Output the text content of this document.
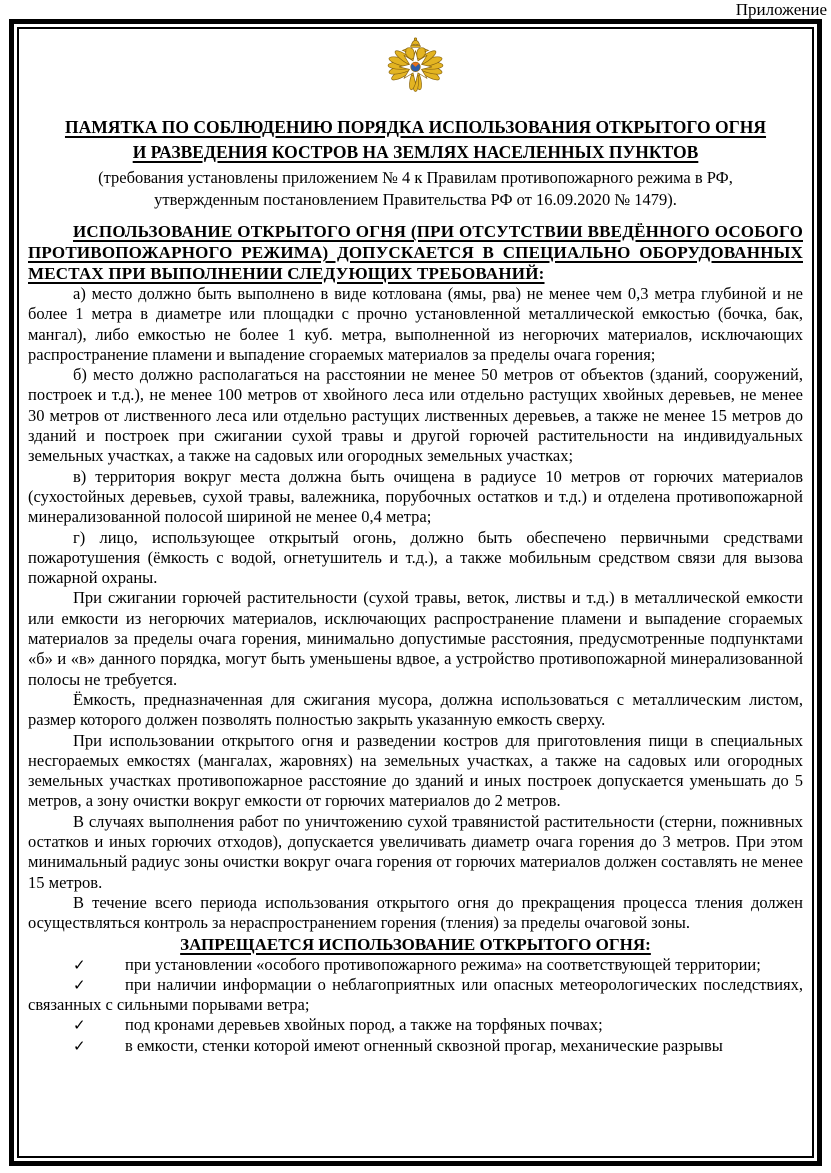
Приложение
ПАМЯТКА ПО СОБЛЮДЕНИЮ ПОРЯДКА ИСПОЛЬЗОВАНИЯ ОТКРЫТОГО ОГНЯ
И РАЗВЕДЕНИЯ КОСТРОВ НА ЗЕМЛЯХ НАСЕЛЕННЫХ ПУНКТОВ
(требования установлены приложением № 4 к Правилам противопожарного режима в РФ,
утвержденным постановлением Правительства РФ от 16.09.2020 № 1479).

ИСПОЛЬЗОВАНИЕ ОТКРЫТОГО ОГНЯ (ПРИ ОТСУТСТВИИ ВВЕДЁННОГО ОСОБОГО ПРОТИВОПОЖАРНОГО РЕЖИМА) ДОПУСКАЕТСЯ В СПЕЦИАЛЬНО ОБОРУДОВАННЫХ МЕСТАХ ПРИ ВЫПОЛНЕНИИ СЛЕДУЮЩИХ ТРЕБОВАНИЙ:

а) место должно быть выполнено в виде котлована (ямы, рва) не менее чем 0,3 метра глубиной и не более 1 метра в диаметре или площадки с прочно установленной металлической емкостью (бочка, бак, мангал), либо емкостью не более 1 куб. метра, выполненной из негорючих материалов, исключающих распространение пламени и выпадение сгораемых материалов за пределы очага горения;

б) место должно располагаться на расстоянии не менее 50 метров от объектов (зданий, сооружений, построек и т.д.), не менее 100 метров от хвойного леса или отдельно растущих хвойных деревьев, не менее 30 метров от лиственного леса или отдельно растущих лиственных деревьев, а также не менее 15 метров до зданий и построек при сжигании сухой травы и другой горючей растительности на индивидуальных земельных участках, а также на садовых или огородных земельных участках;

в) территория вокруг места должна быть очищена в радиусе 10 метров от горючих материалов (сухостойных деревьев, сухой травы, валежника, порубочных остатков и т.д.) и отделена противопожарной минерализованной полосой шириной не менее 0,4 метра;

г) лицо, использующее открытый огонь, должно быть обеспечено первичными средствами пожаротушения (ёмкость с водой, огнетушитель и т.д.), а также мобильным средством связи для вызова пожарной охраны.

При сжигании горючей растительности (сухой травы, веток, листвы и т.д.) в металлической емкости или емкости из негорючих материалов, исключающих распространение пламени и выпадение сгораемых материалов за пределы очага горения, минимально допустимые расстояния, предусмотренные подпунктами «б» и «в» данного порядка, могут быть уменьшены вдвое, а устройство противопожарной минерализованной полосы не требуется.

Ёмкость, предназначенная для сжигания мусора, должна использоваться с металлическим листом, размер которого должен позволять полностью закрыть указанную емкость сверху.

При использовании открытого огня и разведении костров для приготовления пищи в специальных несгораемых емкостях (мангалах, жаровнях) на земельных участках, а также на садовых или огородных земельных участках противопожарное расстояние до зданий и иных построек допускается уменьшать до 5 метров, а зону очистки вокруг емкости от горючих материалов до 2 метров.

В случаях выполнения работ по уничтожению сухой травянистой растительности (стерни, пожнивных остатков и иных горючих отходов), допускается увеличивать диаметр очага горения до 3 метров. При этом минимальный радиус зоны очистки вокруг очага горения от горючих материалов должен составлять не менее 15 метров.

В течение всего периода использования открытого огня до прекращения процесса тления должен осуществляться контроль за нераспространением горения (тления) за пределы очаговой зоны.

ЗАПРЕЩАЕТСЯ ИСПОЛЬЗОВАНИЕ ОТКРЫТОГО ОГНЯ:

✓ при установлении «особого противопожарного режима» на соответствующей территории;

✓ при наличии информации о неблагоприятных или опасных метеорологических последствиях, связанных с сильными порывами ветра;

✓ под кронами деревьев хвойных пород, а также на торфяных почвах;

✓ в емкости, стенки которой имеют огненный сквозной прогар, механические разрывы
